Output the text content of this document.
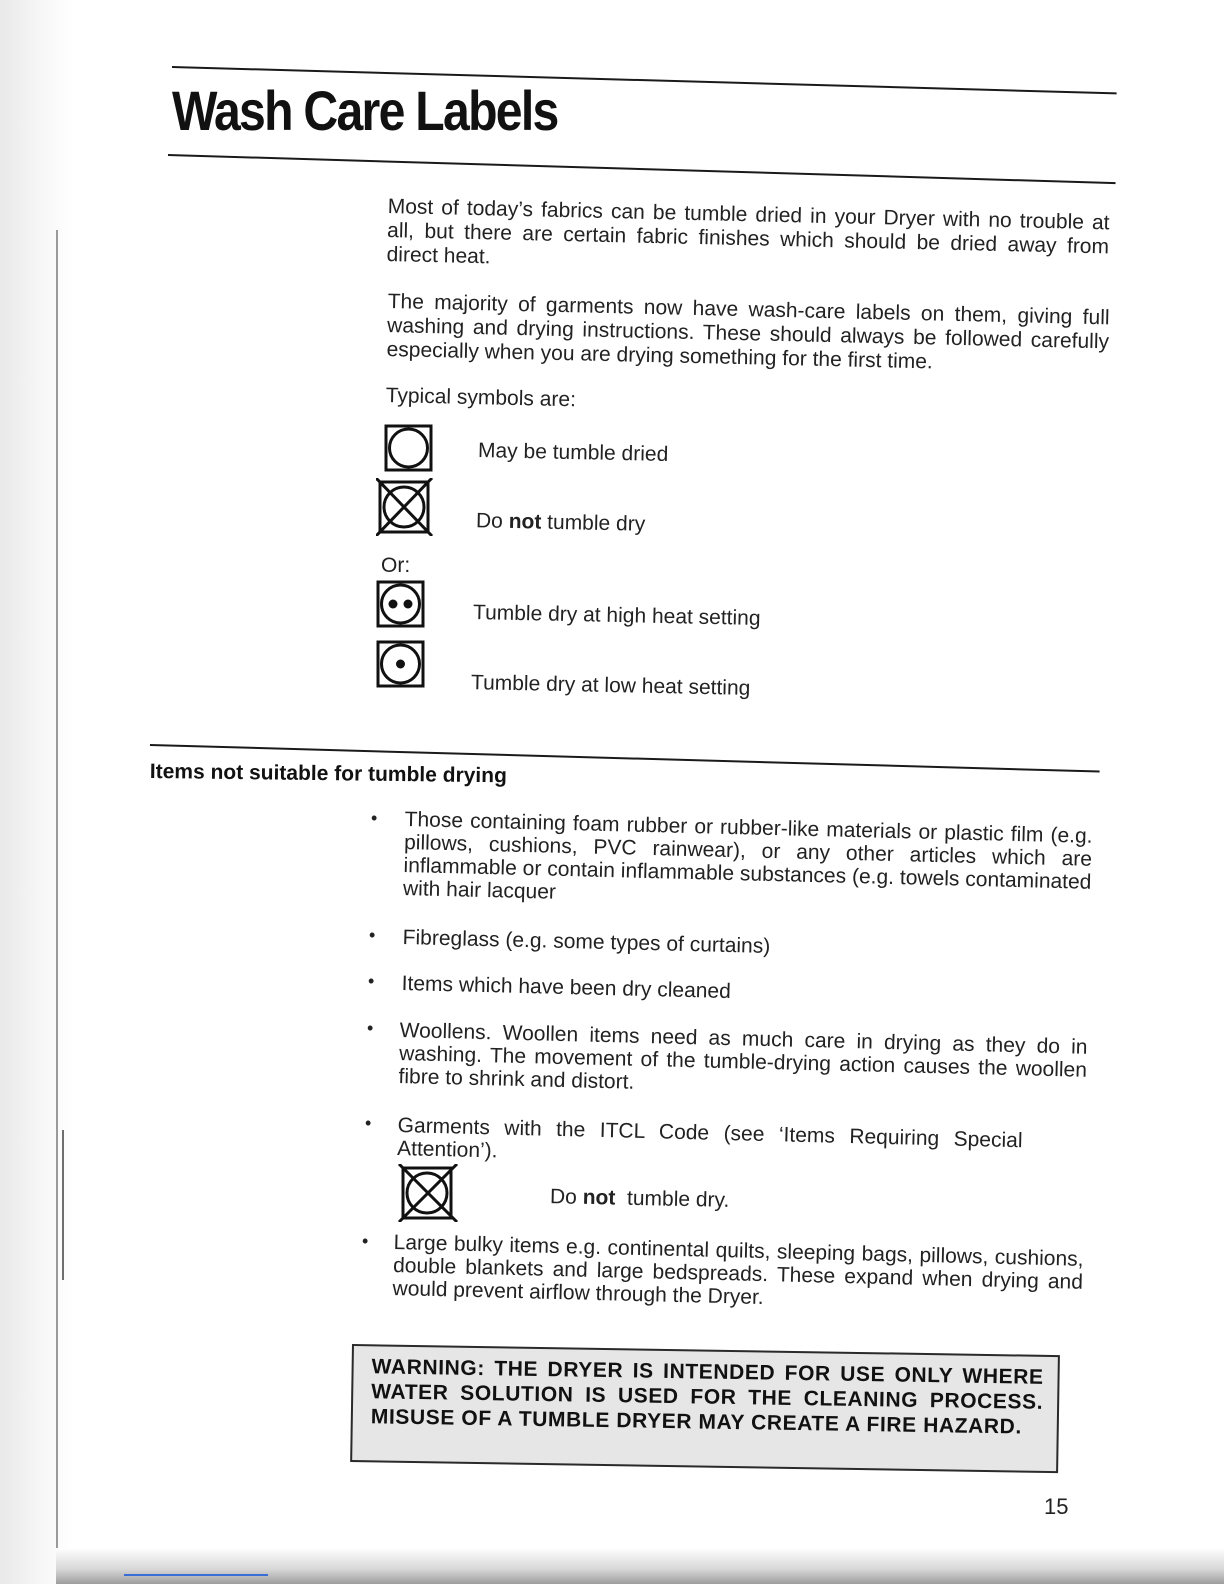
Wash Care Labels

Most of today’s fabrics can be tumble dried in your Dryer with no trouble at all, but there are certain fabric finishes which should be dried away from direct heat.

The majority of garments now have wash-care labels on them, giving full washing and drying instructions. These should always be followed carefully especially when you are drying something for the first time.

Typical symbols are:

May be tumble dried
Do not tumble dry
Or:
Tumble dry at high heat setting
Tumble dry at low heat setting
Items not suitable for tumble drying
• Those containing foam rubber or rubber-like materials or plastic film (e.g. pillows, cushions, PVC rainwear), or any other articles which are inflammable or contain inflammable substances (e.g. towels contaminated with hair lacquer

• Fibreglass (e.g. some types of curtains)

• Items which have been dry cleaned

• Woollens. Woollen items need as much care in drying as they do in washing. The movement of the tumble-drying action causes the woollen fibre to shrink and distort.

• Garments with the ITCL Code (see ‘Items Requiring Special Attention’).

• Large bulky items e.g. continental quilts, sleeping bags, pillows, cushions, double blankets and large bedspreads. These expand when drying and would prevent airflow through the Dryer.

Do not  tumble dry.

WARNING: THE DRYER IS INTENDED FOR USE ONLY WHERE WATER SOLUTION IS USED FOR THE CLEANING PROCESS. MISUSE OF A TUMBLE DRYER MAY CREATE A FIRE HAZARD.

15
